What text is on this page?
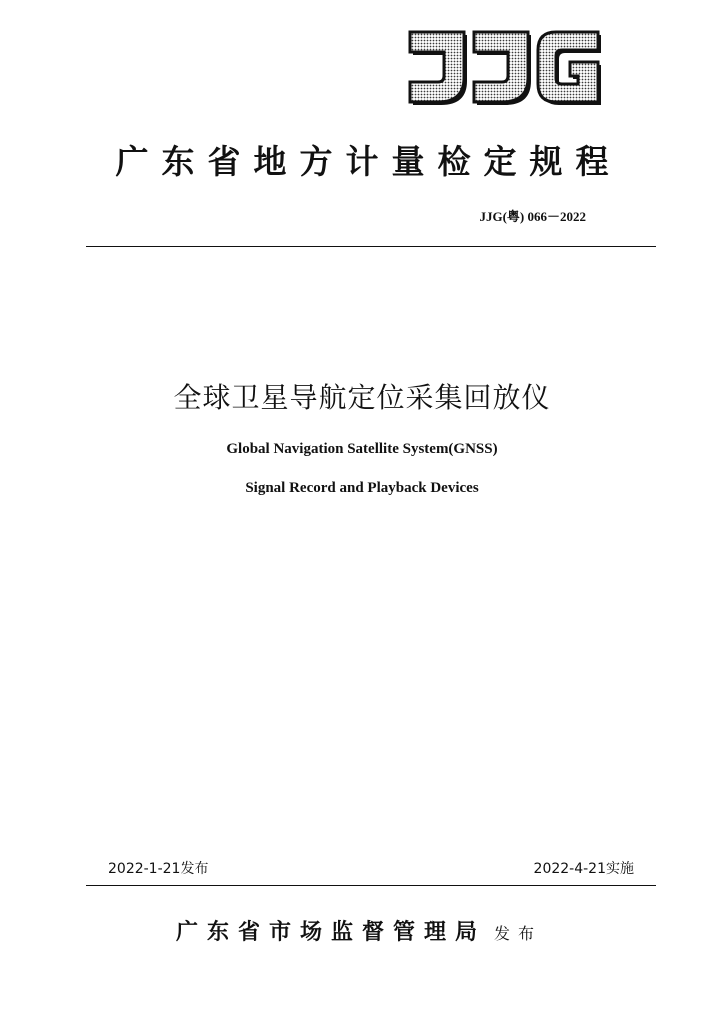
广东省地方计量检定规程
JJG(粤) 066－2022
全球卫星导航定位采集回放仪
Global Navigation Satellite System(GNSS)
Signal Record and Playback Devices
2022-1-21发布	2022-4-21实施
广东省市场监督管理局 发布
